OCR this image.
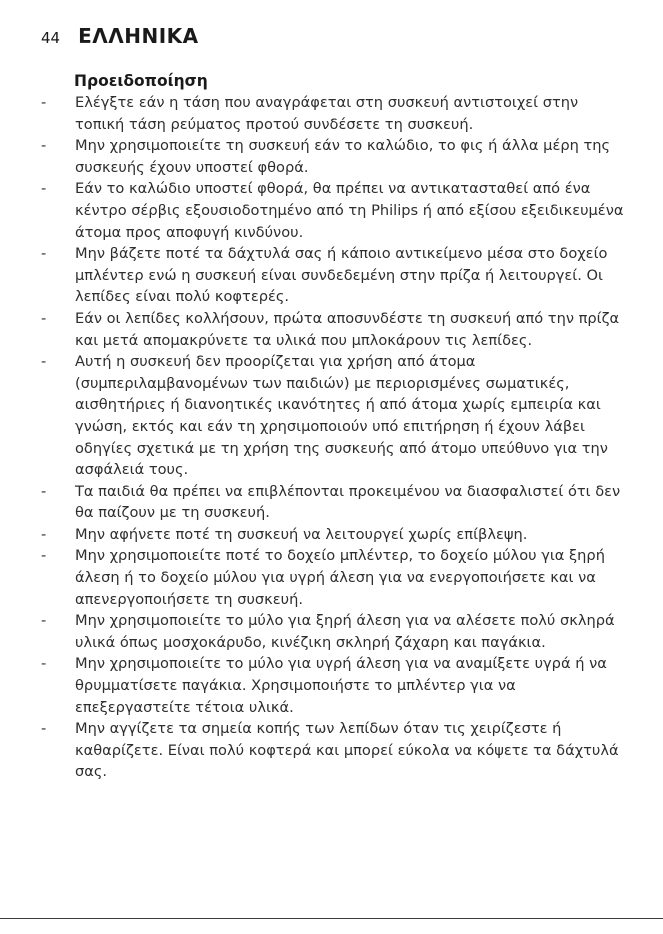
44 ΕΛΛΗΝΙΚΑ
Προειδοποίηση
-	Ελέγξτε εάν η τάση που αναγράφεται στη συσκευή αντιστοιχεί στην τοπική τάση ρεύματος προτού συνδέσετε τη συσκευή.
-	Μην χρησιμοποιείτε τη συσκευή εάν το καλώδιο, το φις ή άλλα μέρη της συσκευής έχουν υποστεί φθορά.
-	Εάν το καλώδιο υποστεί φθορά, θα πρέπει να αντικατασταθεί από ένα κέντρο σέρβις εξουσιοδοτημένο από τη Philips ή από εξίσου εξειδικευμένα άτομα προς αποφυγή κινδύνου.
-	Μην βάζετε ποτέ τα δάχτυλά σας ή κάποιο αντικείμενο μέσα στο δοχείο μπλέντερ ενώ η συσκευή είναι συνδεδεμένη στην πρίζα ή λειτουργεί. Οι λεπίδες είναι πολύ κοφτερές.
-	Εάν οι λεπίδες κολλήσουν, πρώτα αποσυνδέστε τη συσκευή από την πρίζα και μετά απομακρύνετε τα υλικά που μπλοκάρουν τις λεπίδες.
-	Αυτή η συσκευή δεν προορίζεται για χρήση από άτομα (συμπεριλαμβανομένων των παιδιών) με περιορισμένες σωματικές, αισθητήριες ή διανοητικές ικανότητες ή από άτομα χωρίς εμπειρία και γνώση, εκτός και εάν τη χρησιμοποιούν υπό επιτήρηση ή έχουν λάβει οδηγίες σχετικά με τη χρήση της συσκευής από άτομο υπεύθυνο για την ασφάλειά τους.
-	Τα παιδιά θα πρέπει να επιβλέπονται προκειμένου να διασφαλιστεί ότι δεν θα παίζουν με τη συσκευή.
-	Μην αφήνετε ποτέ τη συσκευή να λειτουργεί χωρίς επίβλεψη.
-	Μην χρησιμοποιείτε ποτέ το δοχείο μπλέντερ, το δοχείο μύλου για ξηρή άλεση ή το δοχείο μύλου για υγρή άλεση για να ενεργοποιήσετε και να απενεργοποιήσετε τη συσκευή.
-	Μην χρησιμοποιείτε το μύλο για ξηρή άλεση για να αλέσετε πολύ σκληρά υλικά όπως μοσχοκάρυδο, κινέζικη σκληρή ζάχαρη και παγάκια.
-	Μην χρησιμοποιείτε το μύλο για υγρή άλεση για να αναμίξετε υγρά ή να θρυμματίσετε παγάκια. Χρησιμοποιήστε το μπλέντερ για να επεξεργαστείτε τέτοια υλικά.
-	Μην αγγίζετε τα σημεία κοπής των λεπίδων όταν τις χειρίζεστε ή καθαρίζετε. Είναι πολύ κοφτερά και μπορεί εύκολα να κόψετε τα δάχτυλά σας.
